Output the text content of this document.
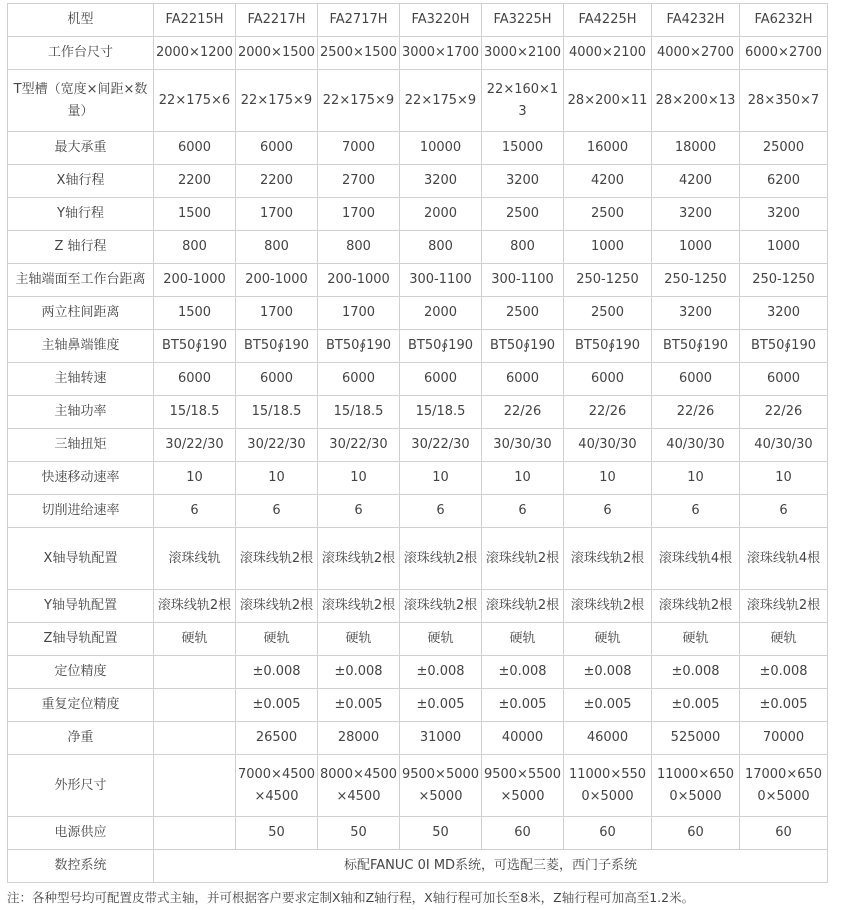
机型	FA2215H	FA2217H	FA2717H	FA3220H	FA3225H	FA4225H	FA4232H	FA6232H
工作台尺寸	2000×1200	2000×1500	2500×1500	3000×1700	3000×2100	4000×2100	4000×2700	6000×2700
T型槽（宽度×间距×数量）	22×175×6	22×175×9	22×175×9	22×175×9	22×160×13	28×200×11	28×200×13	28×350×7
最大承重	6000	6000	7000	10000	15000	16000	18000	25000
X轴行程	2200	2200	2700	3200	3200	4200	4200	6200
Y轴行程	1500	1700	1700	2000	2500	2500	3200	3200
Z 轴行程	800	800	800	800	800	1000	1000	1000
主轴端面至工作台距离	200-1000	200-1000	200-1000	300-1100	300-1100	250-1250	250-1250	250-1250
两立柱间距离	1500	1700	1700	2000	2500	2500	3200	3200
主轴鼻端锥度	BT50∮190	BT50∮190	BT50∮190	BT50∮190	BT50∮190	BT50∮190	BT50∮190	BT50∮190
主轴转速	6000	6000	6000	6000	6000	6000	6000	6000
主轴功率	15/18.5	15/18.5	15/18.5	15/18.5	22/26	22/26	22/26	22/26
三轴扭矩	30/22/30	30/22/30	30/22/30	30/22/30	30/30/30	40/30/30	40/30/30	40/30/30
快速移动速率	10	10	10	10	10	10	10	10
切削进给速率	6	6	6	6	6	6	6	6
X轴导轨配置	滚珠线轨	滚珠线轨2根	滚珠线轨2根	滚珠线轨2根	滚珠线轨2根	滚珠线轨2根	滚珠线轨4根	滚珠线轨4根
Y轴导轨配置	滚珠线轨2根	滚珠线轨2根	滚珠线轨2根	滚珠线轨2根	滚珠线轨2根	滚珠线轨2根	滚珠线轨2根	滚珠线轨2根
Z轴导轨配置	硬轨	硬轨	硬轨	硬轨	硬轨	硬轨	硬轨	硬轨
定位精度		±0.008	±0.008	±0.008	±0.008	±0.008	±0.008	±0.008
重复定位精度		±0.005	±0.005	±0.005	±0.005	±0.005	±0.005	±0.005
净重		26500	28000	31000	40000	46000	525000	70000
外形尺寸		7000×4500×4500	8000×4500×4500	9500×5000×5000	9500×5500×5000	11000×5500×5000	11000×6500×5000	17000×6500×5000
电源供应		50	50	50	60	60	60	60
数控系统	标配FANUC 0I MD系统，可选配三菱，西门子系统							
注：各种型号均可配置皮带式主轴，并可根据客户要求定制X轴和Z轴行程，X轴行程可加长至8米，Z轴行程可加高至1.2米。
